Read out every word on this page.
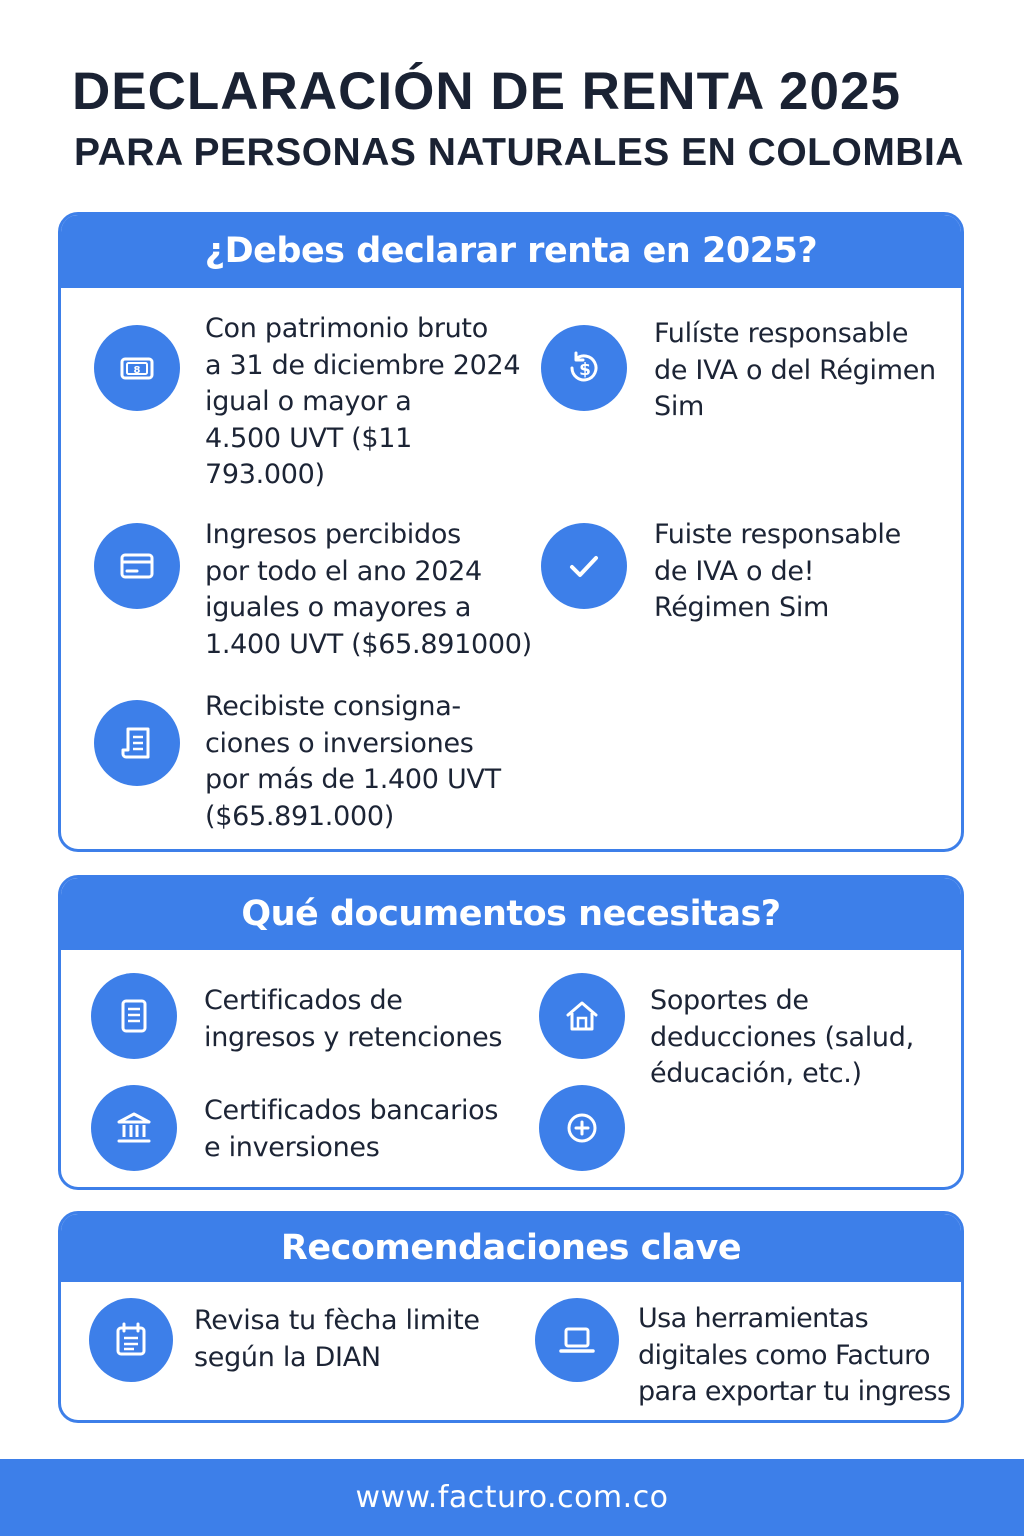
DECLARACIÓN DE RENTA 2025
PARA PERSONAS NATURALES EN COLOMBIA
¿Debes declarar renta en 2025?
8
Con patrimonio bruto
a 31 de diciembre 2024
igual o mayor a
4.500 UVT ($11
793.000)
$
Fulíste responsable
de IVA o del Régimen
Sim
Ingresos percibidos
por todo el ano 2024
iguales o mayores a
1.400 UVT ($65.891000)
Fuiste responsable
de IVA o de!
Régimen Sim
Recibiste consigna-
ciones o inversiones
por más de 1.400 UVT
($65.891.000)
Qué documentos necesitas?
Certificados de
ingresos y retenciones
Soportes de
deducciones (salud,
éducación, etc.)
Certificados bancarios
e inversiones
Recomendaciones clave
Revisa tu fècha limite
según la DIAN
Usa herramientas
digitales como Facturo
para exportar tu ingress
www.facturo.com.co
